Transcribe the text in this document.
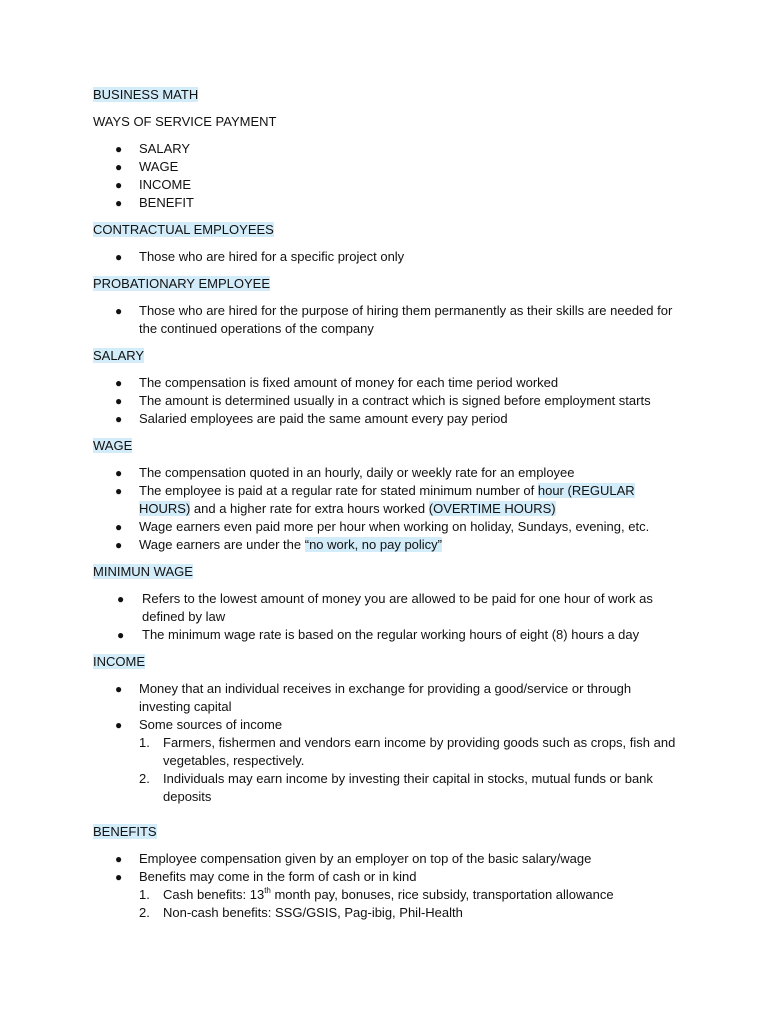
BUSINESS MATH

WAYS OF SERVICE PAYMENT

● SALARY
● WAGE
● INCOME
● BENEFIT

CONTRACTUAL EMPLOYEES

● Those who are hired for a specific project only

PROBATIONARY EMPLOYEE

● Those who are hired for the purpose of hiring them permanently as their skills are needed for the continued operations of the company

SALARY

● The compensation is fixed amount of money for each time period worked
● The amount is determined usually in a contract which is signed before employment starts
● Salaried employees are paid the same amount every pay period

WAGE

● The compensation quoted in an hourly, daily or weekly rate for an employee
● The employee is paid at a regular rate for stated minimum number of hour (REGULAR HOURS) and a higher rate for extra hours worked (OVERTIME HOURS)
● Wage earners even paid more per hour when working on holiday, Sundays, evening, etc.
● Wage earners are under the “no work, no pay policy”

MINIMUN WAGE

● Refers to the lowest amount of money you are allowed to be paid for one hour of work as defined by law
● The minimum wage rate is based on the regular working hours of eight (8) hours a day

INCOME

● Money that an individual receives in exchange for providing a good/service or through investing capital
● Some sources of income
1. Farmers, fishermen and vendors earn income by providing goods such as crops, fish and vegetables, respectively.
2. Individuals may earn income by investing their capital in stocks, mutual funds or bank deposits

BENEFITS

● Employee compensation given by an employer on top of the basic salary/wage
● Benefits may come in the form of cash or in kind
1. Cash benefits: 13th month pay, bonuses, rice subsidy, transportation allowance
2. Non-cash benefits: SSG/GSIS, Pag-ibig, Phil-Health
